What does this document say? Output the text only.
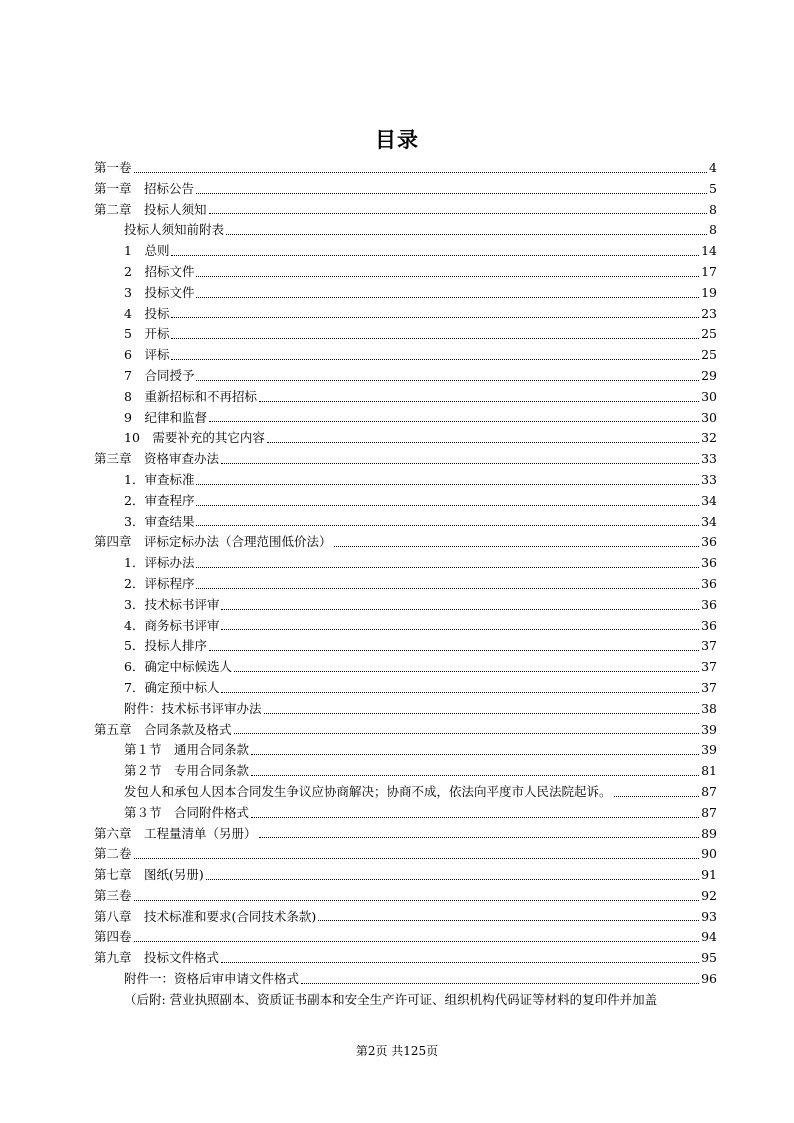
目录
第一卷	4
第一章　招标公告	5
第二章　投标人须知	8
投标人须知前附表	8
1　总则	14
2　招标文件	17
3　投标文件	19
4　投标	23
5　开标	25
6　评标	25
7　合同授予	29
8　重新招标和不再招标	30
9　纪律和监督	30
10　需要补充的其它内容	32
第三章　资格审查办法	33
1．审查标准	33
2．审查程序	34
3．审查结果	34
第四章　评标定标办法（合理范围低价法）	36
1．评标办法	36
2．评标程序	36
3．技术标书评审	36
4．商务标书评审	36
5．投标人排序	37
6．确定中标候选人	37
7．确定预中标人	37
附件：技术标书评审办法	38
第五章　合同条款及格式	39
第１节　通用合同条款	39
第２节　专用合同条款	81
发包人和承包人因本合同发生争议应协商解决；协商不成，依法向平度市人民法院起诉。	87
第３节　合同附件格式	87
第六章　工程量清单（另册）	89
第二卷	90
第七章　图纸(另册)	91
第三卷	92
第八章　技术标准和要求(合同技术条款)	93
第四卷	94
第九章　投标文件格式	95
附件一：资格后审申请文件格式	96
（后附: 营业执照副本、资质证书副本和安全生产许可证、组织机构代码证等材料的复印件并加盖
第2页 共125页
